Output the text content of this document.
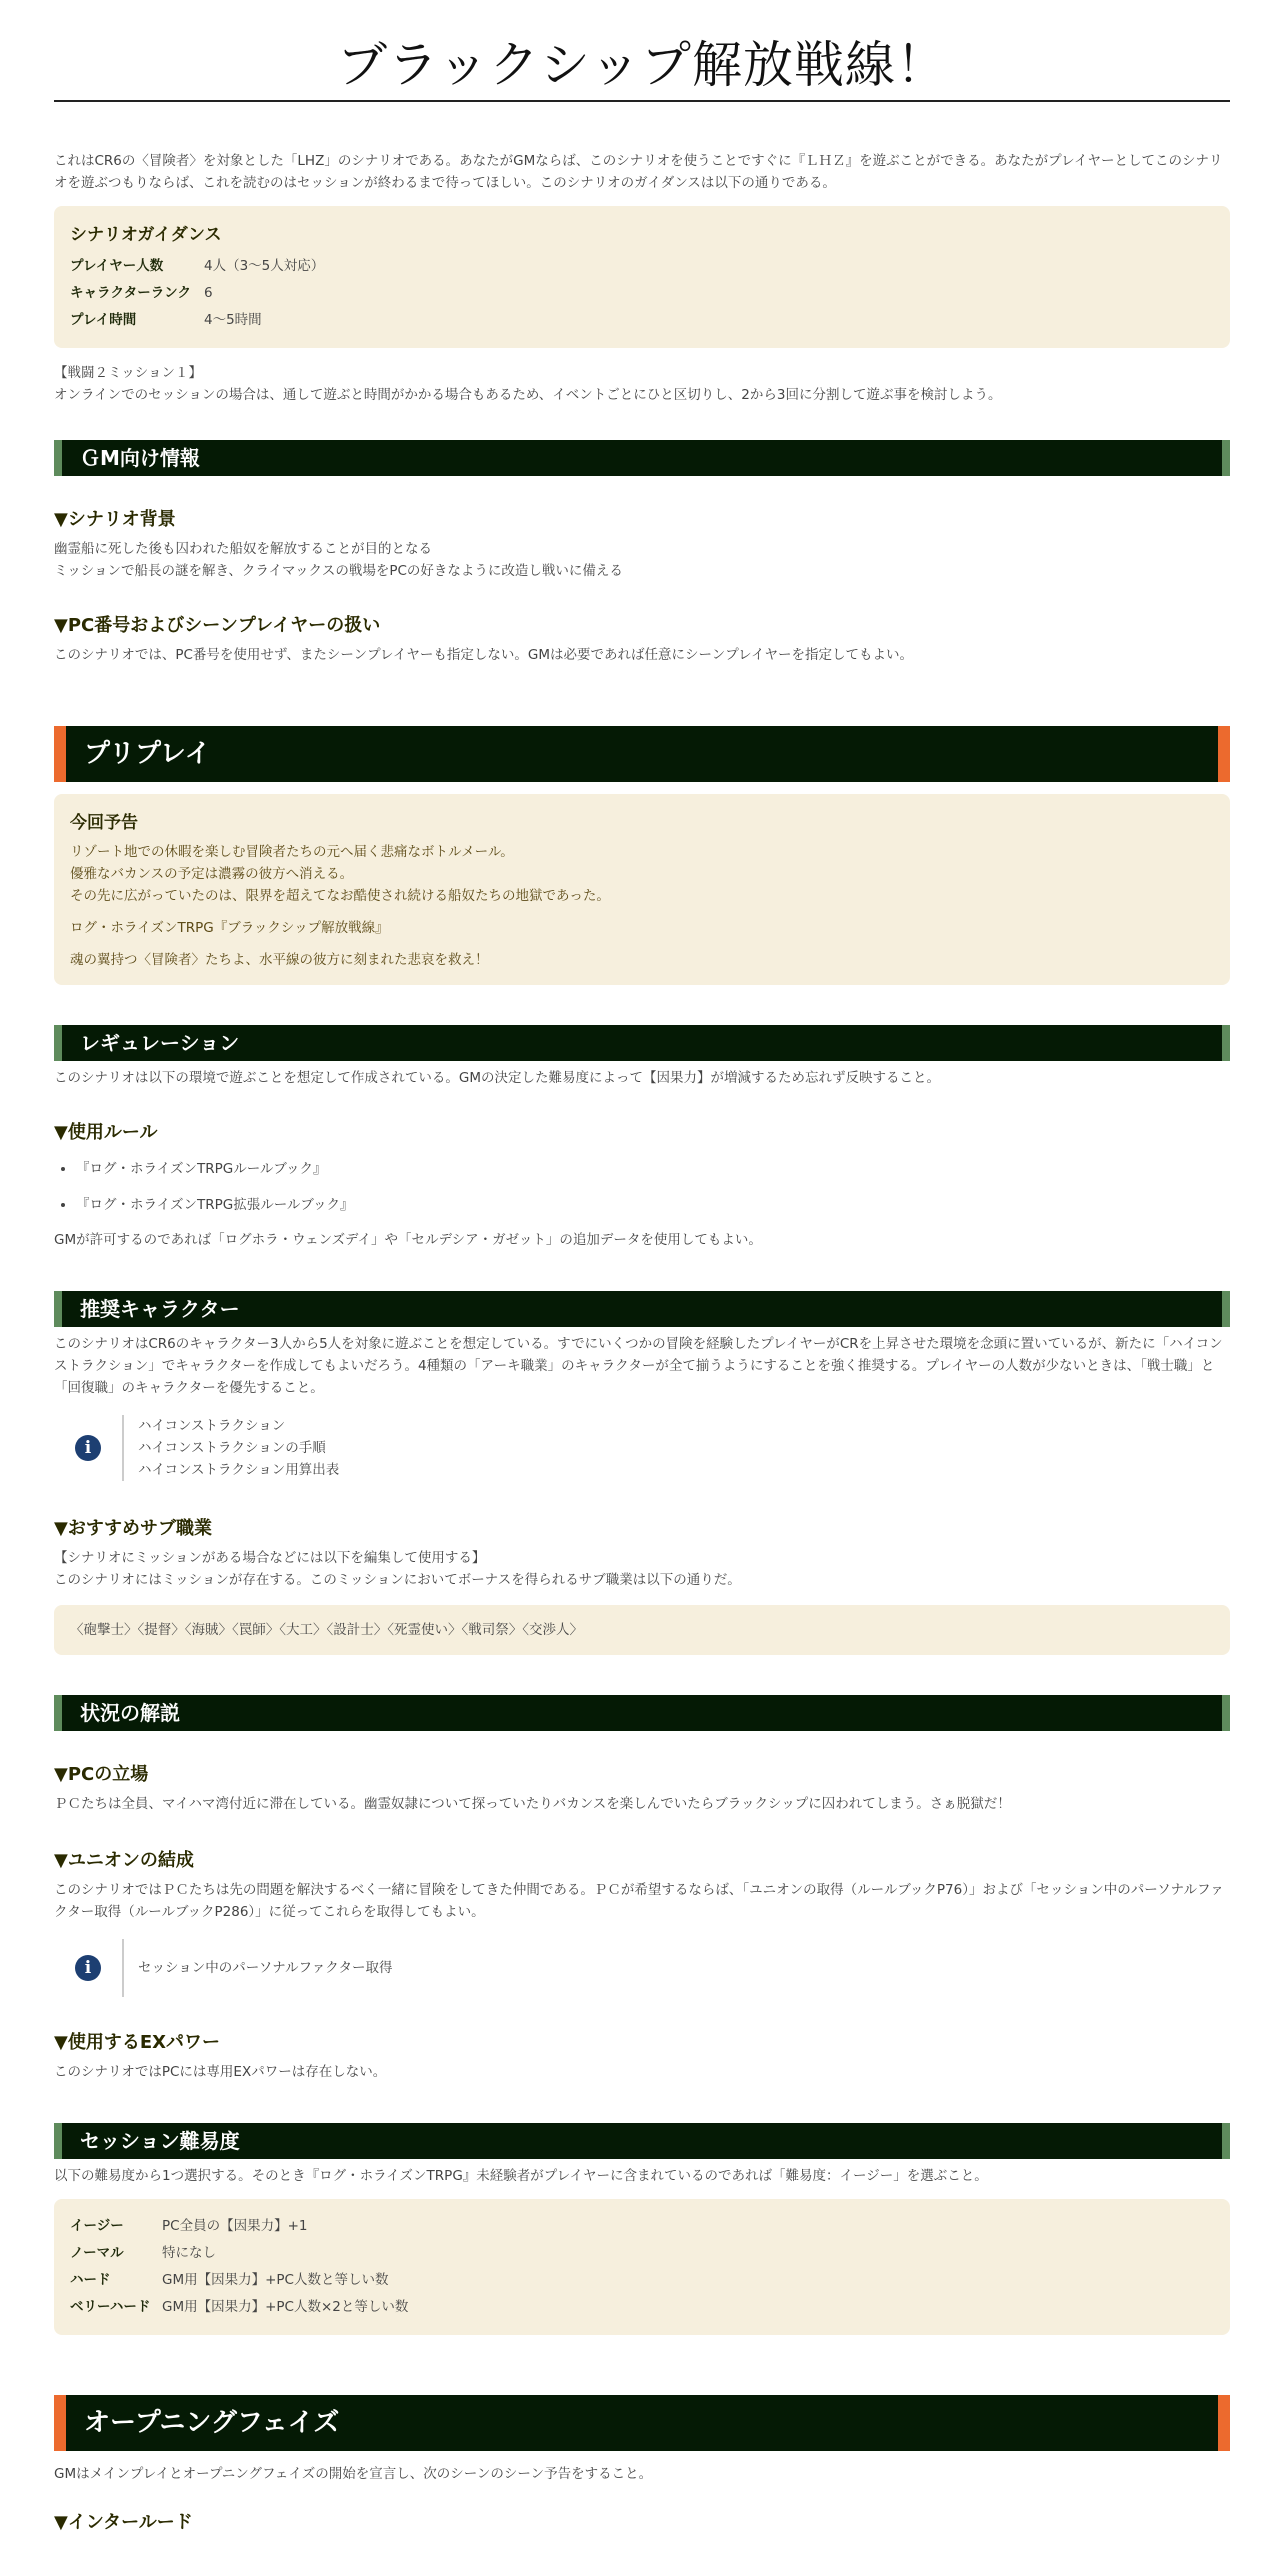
ブラックシップ解放戦線！

これはCR6の〈冒険者〉を対象とした「LHZ」のシナリオである。あなたがGMならば、このシナリオを使うことですぐに『ＬＨＺ』を遊ぶことができる。あなたがプレイヤーとしてこのシナリオを遊ぶつもりならば、これを読むのはセッションが終わるまで待ってほしい。このシナリオのガイダンスは以下の通りである。

シナリオガイダンス
プレイヤー人数	4人（3～5人対応）
キャラクターランク 6
プレイ時間	4～5時間

【戦闘２ミッション１】

オンラインでのセッションの場合は、通して遊ぶと時間がかかる場合もあるため、イベントごとにひと区切りし、2から3回に分割して遊ぶ事を検討しよう。

ＧM向け情報
▼シナリオ背景

幽霊船に死した後も囚われた船奴を解放することが目的となる

ミッションで船長の謎を解き、クライマックスの戦場をPCの好きなように改造し戦いに備える

▼PC番号およびシーンプレイヤーの扱い

このシナリオでは、PC番号を使用せず、またシーンプレイヤーも指定しない。GMは必要であれば任意にシーンプレイヤーを指定してもよい。

プリプレイ
今回予告
リゾート地での休暇を楽しむ冒険者たちの元へ届く悲痛なボトルメール。
優雅なバカンスの予定は濃霧の彼方へ消える。
その先に広がっていたのは、限界を超えてなお酷使され続ける船奴たちの地獄であった。
ログ・ホライズンTRPG『ブラックシップ解放戦線』
魂の翼持つ〈冒険者〉たちよ、水平線の彼方に刻まれた悲哀を救え！
レギュレーション

このシナリオは以下の環境で遊ぶことを想定して作成されている。GMの決定した難易度によって【因果力】が増減するため忘れず反映すること。

▼使用ルール
• 『ログ・ホライズンTRPGルールブック』
• 『ログ・ホライズンTRPG拡張ルールブック』

GMが許可するのであれば「ログホラ・ウェンズデイ」や「セルデシア・ガゼット」の追加データを使用してもよい。

推奨キャラクター

このシナリオはCR6のキャラクター3人から5人を対象に遊ぶことを想定している。すでにいくつかの冒険を経験したプレイヤーがCRを上昇させた環境を念頭に置いているが、新たに「ハイコンストラクション」でキャラクターを作成してもよいだろう。4種類の「アーキ職業」のキャラクターが全て揃うようにすることを強く推奨する。プレイヤーの人数が少ないときは、「戦士職」と「回復職」のキャラクターを優先すること。

i
ハイコンストラクション
ハイコンストラクションの手順
ハイコンストラクション用算出表
▼おすすめサブ職業

【シナリオにミッションがある場合などには以下を編集して使用する】

このシナリオにはミッションが存在する。このミッションにおいてボーナスを得られるサブ職業は以下の通りだ。

〈砲撃士〉〈提督〉〈海賊〉〈罠師〉〈大工〉〈設計士〉〈死霊使い〉〈戦司祭〉〈交渉人〉
状況の解説
▼PCの立場

ＰＣたちは全員、マイハマ湾付近に滞在している。幽霊奴隷について探っていたりバカンスを楽しんでいたらブラックシップに囚われてしまう。さぁ脱獄だ！

▼ユニオンの結成

このシナリオではＰＣたちは先の問題を解決するべく一緒に冒険をしてきた仲間である。ＰＣが希望するならば、「ユニオンの取得（ルールブックP76）」および「セッション中のパーソナルファクター取得（ルールブックP286）」に従ってこれらを取得してもよい。

i	セッション中のパーソナルファクター取得
▼使用するEXパワー

このシナリオではPCには専用EXパワーは存在しない。

セッション難易度

以下の難易度から1つ選択する。そのとき『ログ・ホライズンTRPG』未経験者がプレイヤーに含まれているのであれば「難易度：イージー」を選ぶこと。

イージー	PC全員の【因果力】+1
ノーマル	特になし
ハード	GM用【因果力】+PC人数と等しい数
ベリーハード GM用【因果力】+PC人数×2と等しい数
オープニングフェイズ

GMはメインプレイとオープニングフェイズの開始を宣言し、次のシーンのシーン予告をすること。

▼インタールード
